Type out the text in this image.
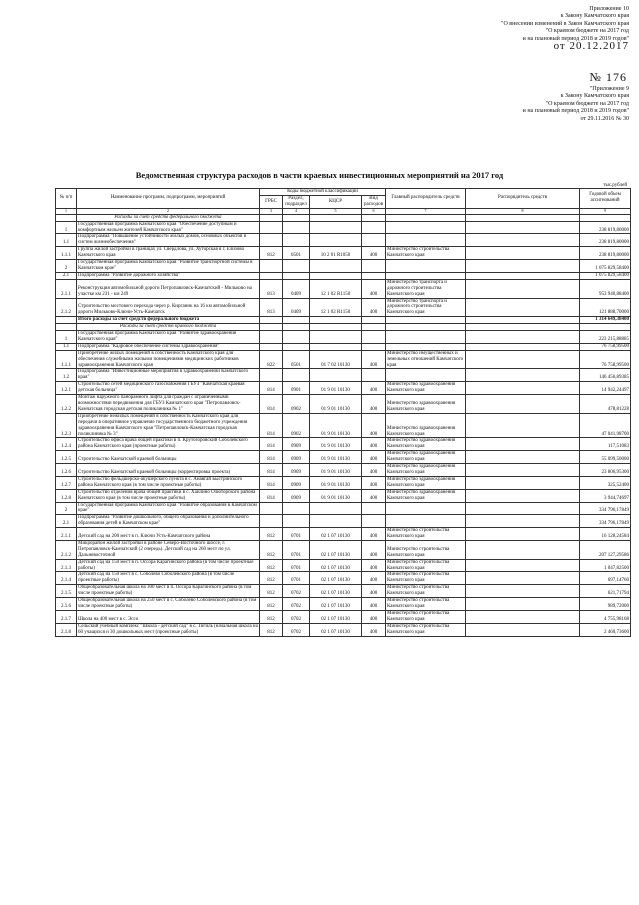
Приложение 10
к Закону Камчатского края
"О внесении изменений в Закон Камчатского края
"О краевом бюджете на 2017 год
и на плановый период 2018 и 2019 годов"
от 20.12.2017
№ 176
"Приложение 9
к Закону Камчатского края
"О краевом бюджете на 2017 год
и на плановый период 2018 и 2019 годов"
от 29.11.2016 № 30
Ведомственная структура расходов в части краевых инвестиционных мероприятий на 2017 год
тыс.рублей
№ п/п	Наименование программ, подпрограмм, мероприятий	Коды бюджетной классификации				Главный распорядитель средств	Распорядитель средств	Годовой объем ассигнований
		ГРБС	Раздел, подраздел	КЦСР	Вид расходов			
1	2	3	4	5	6	7	8	9
	Расходы за счет средств федерального бюджета							
1	Государственная программа Камчатского края "Обеспечение доступным и комфортным жильем жителей Камчатского края"							238 819,80000
1.1	Подпрограмма "Повышение устойчивости жилых домов, основных объектов и систем жизнеобеспечения"							238 819,80000
1.1.1	Группа жилой застройки в границах ул. Свердлова, ул. Хуторская в г. Елизово Камчатского края	812	0501	10 2 01 R1050	400	Министерство строительства Камчатского края		238 819,80000
2	Государственная программа Камчатского края "Развитие транспортной системы в Камчатском крае"							1 075 829,58400
2.1	Подпрограмма "Развитие дорожного хозяйства"							1 075 829,58400
2.1.1	Реконструкция автомобильной дороги Петропавловск-Камчатский - Мильково на участке км 231 - км 249	813	0409	12 1 02 R1150	400	Министерство транспорта и дорожного строительства Камчатского края		953 940,88400
2.1.2	Строительство мостового перехода через р. Кирганик на 16 км автомобильной дороги Мильково-Ключи-Усть-Камчатск	813	0409	12 1 02 R1150	400	Министерство транспорта и дорожного строительства Камчатского края		121 888,70000
	Итого расходы за счет средств федерального бюджета							1 314 649,38400
	Расходы за счет средств краевого бюджета							
1	Государственная программа Камчатского края "Развитие здравоохранения Камчатского края"							223 215,88885
1.1	Подпрограмма "Кадровое обеспечение системы здравоохранения"							76 758,99500
1.1.1	Приобретение жилых помещений в собственность Камчатского края для обеспечения служебными жилыми помещениями медицинских работников здравоохранения Камчатского края	822	0501	01 7 02 10130	400	Министерство имущественных и земельных отношений Камчатского края		76 758,99500
1.2	Подпрограмма "Инвестиционные мероприятия в здравоохранении Камчатского края"							146 456,89385
1.2.1	Строительство сетей медицинского газоснабжения ГБУЗ "Камчатская краевая детская больница"	814	0901	01 9 01 10130	400	Министерство здравоохранения Камчатского края		14 942,24497
1.2.2	Монтаж наружного панорамного лифта для граждан с ограниченными возможностями передвижения для ГБУЗ Камчатского края "Петропавловск-Камчатская городская детская поликлиника № 1"	814	0902	01 9 01 10130	400	Министерство здравоохранения Камчатского края		478,81228
1.2.3	Приобретение нежилых помещений в собственность Камчатского края для передачи в оперативное управление государственного бюджетного учреждения здравоохранения Камчатского края "Петропавловск-Камчатская городская поликлиника № 3"	814	0902	01 9 01 10130	400	Министерство здравоохранения Камчатского края		47 041,98700
1.2.4	Строительство офиса врача общей практики в п. Крутогоровский Соболевского района Камчатского края (проектные работы)	814	0909	01 9 01 10130	400	Министерство здравоохранения Камчатского края		117,51083
1.2.5	Строительство Камчатской краевой больницы	814	0909	01 9 01 10130	400	Министерство здравоохранения Камчатского края		55 099,50000
1.2.6	Строительство Камчатской краевой больницы (корректировка проекта)	814	0909	01 9 01 10130	400	Министерство здравоохранения Камчатского края		23 806,95300
1.2.7	Строительство фельдшерско-акушерского пункта в с. Анавгай Быстринского района Камчатского края (в том числе проектные работы)	814	0909	01 9 01 10130	400	Министерство здравоохранения Камчатского края		325,52400
1.2.8	Строительство отделения врача общей практики в с. Хаилино Олюторского района Камчатского края (в том числе проектные работы)	814	0909	01 9 01 10130	400	Министерство здравоохранения Камчатского края		3 944,74697
2	Государственная программа Камчатского края "Развитие образования в Камчатском крае"							334 796,17849
2.1	Подпрограмма "Развитие дошкольного, общего образования и дополнительного образования детей в Камчатском крае"							334 796,17849
2.1.1	Детский сад на 200 мест в п. Ключи Усть-Камчатского района	812	0701	02 1 07 10130	400	Министерство строительства Камчатского края		16 128,24584
2.1.2	Микрорайон жилой застройки в районе Северо-Восточного шоссе, г. Петропавловск-Камчатский (2 очередь). Детский сад на 260 мест по ул. Дальневосточной	812	0701	02 1 07 10130	400	Министерство строительства Камчатского края		207 127,29586
2.1.3	Детский сад на 150 мест в п. Оссора Карагинского района (в том числе проектные работы)	812	0701	02 1 07 10130	400	Министерство строительства Камчатского края		1 047,82500
2.1.4	Детский сад на 150 мест в с. Соболево Соболевского района (в том числе проектные работы)	812	0701	02 1 07 10130	400	Министерство строительства Камчатского края		697,14760
2.1.5	Общеобразовательная школа на 300 мест в п. Оссора Карагинского района (в том числе проектные работы)	812	0702	02 1 07 10130	400	Министерство строительства Камчатского края		621,71794
2.1.6	Общеобразовательная школа на 250 мест в с. Соболево Соболевского района (в том числе проектные работы)	812	0702	02 1 07 10130	400	Министерство строительства Камчатского края		989,72000
2.1.7	Школа на 400 мест в с. Эссо	812	0702	02 1 07 10130	400	Министерство строительства Камчатского края		4 755,98168
2.1.8	Сельский учебный комплекс "Школа - детский сад" в с. Тигиль (начальная школа на 60 учащихся и 30 дошкольных мест (проектные работы)	812	0702	02 1 07 10130	400	Министерство строительства Камчатского края		2 460,73600
